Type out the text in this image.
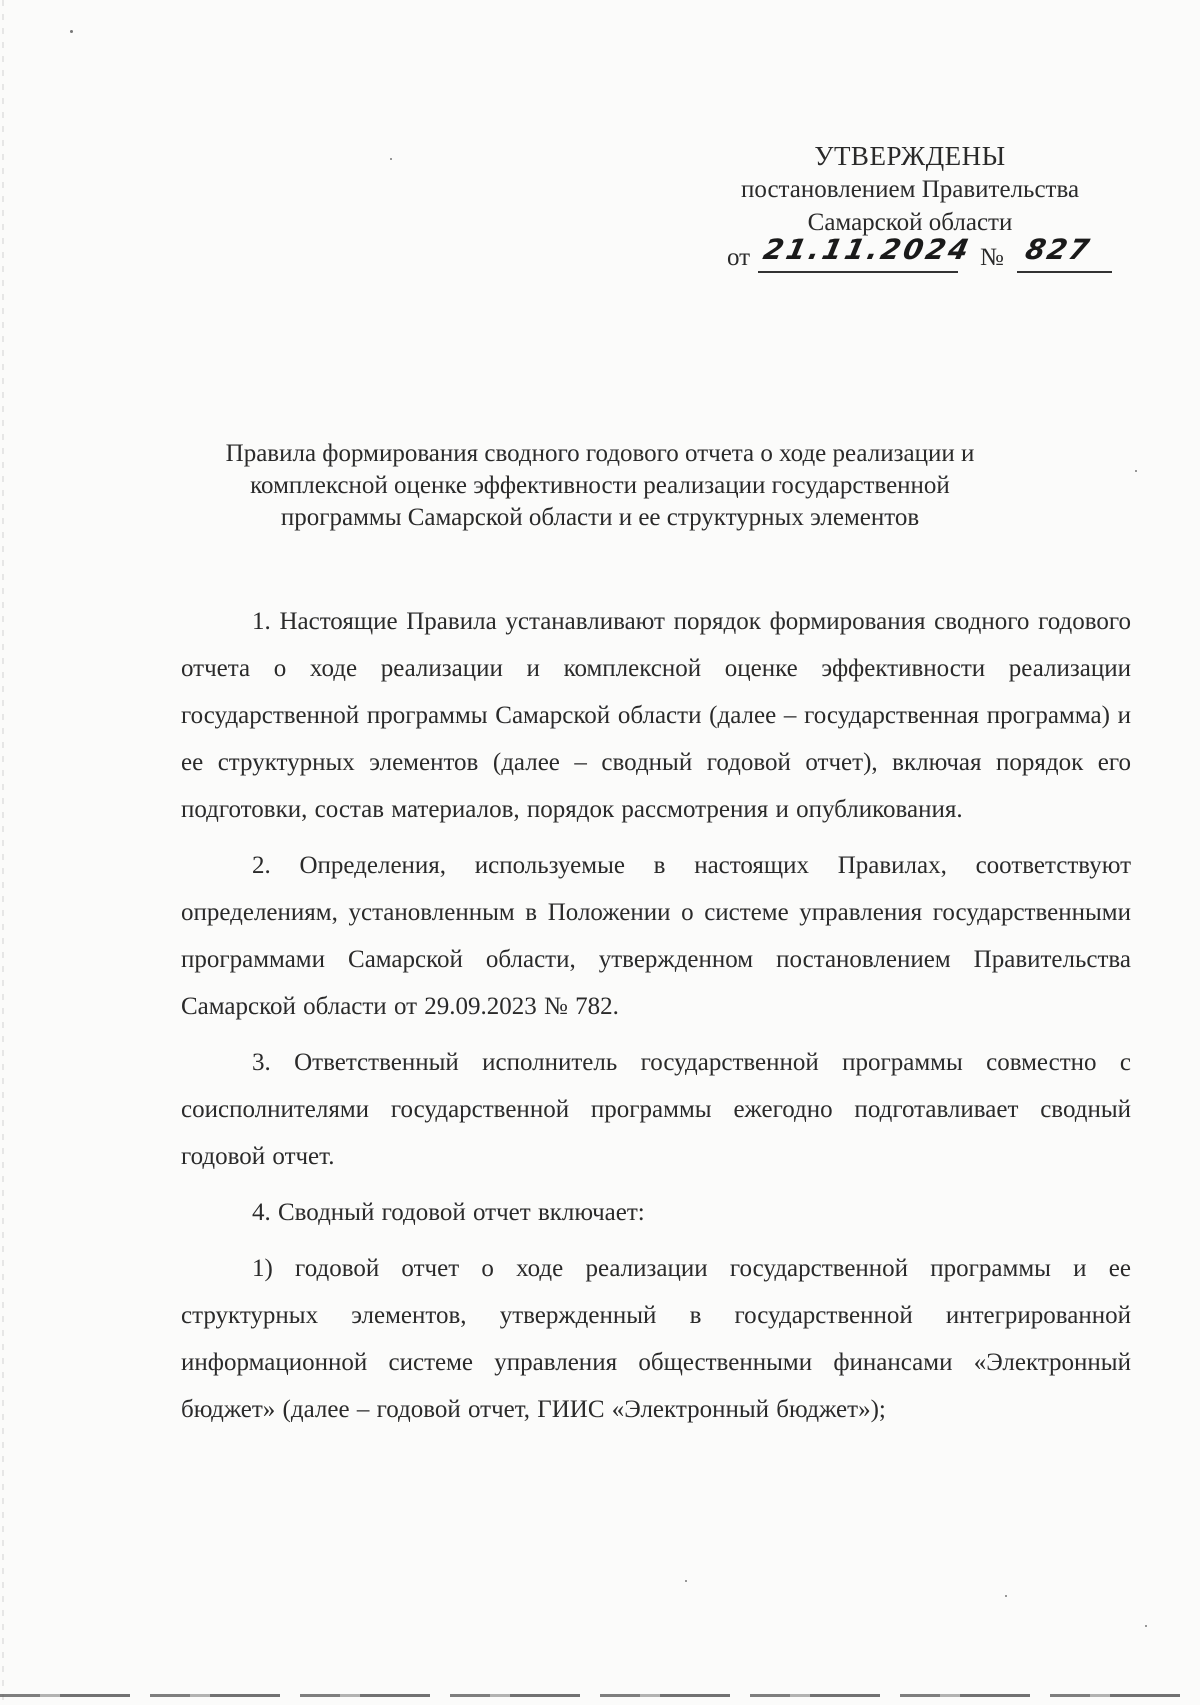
УТВЕРЖДЕНЫ
постановлением Правительства
Самарской области
от 21.11.2024 № 827
Правила формирования сводного годового отчета о ходе реализации и
комплексной оценке эффективности реализации государственной
программы Самарской области и ее структурных элементов

1. Настоящие Правила устанавливают порядок формирования сводного годового отчета о ходе реализации и комплексной оценке эффективности реализации государственной программы Самарской области (далее – государственная программа) и ее структурных элементов (далее – сводный годовой отчет), включая порядок его подготовки, состав материалов, порядок рассмотрения и опубликования.

2. Определения, используемые в настоящих Правилах, соответствуют определениям, установленным в Положении о системе управления государственными программами Самарской области, утвержденном постановлением Правительства Самарской области от 29.09.2023 № 782.

3. Ответственный исполнитель государственной программы совместно с соисполнителями государственной программы ежегодно подготавливает сводный годовой отчет.

4. Сводный годовой отчет включает:

1) годовой отчет о ходе реализации государственной программы и ее структурных элементов, утвержденный в государственной интегрированной информационной системе управления общественными финансами «Электронный бюджет» (далее – годовой отчет, ГИИС «Электронный бюджет»);
